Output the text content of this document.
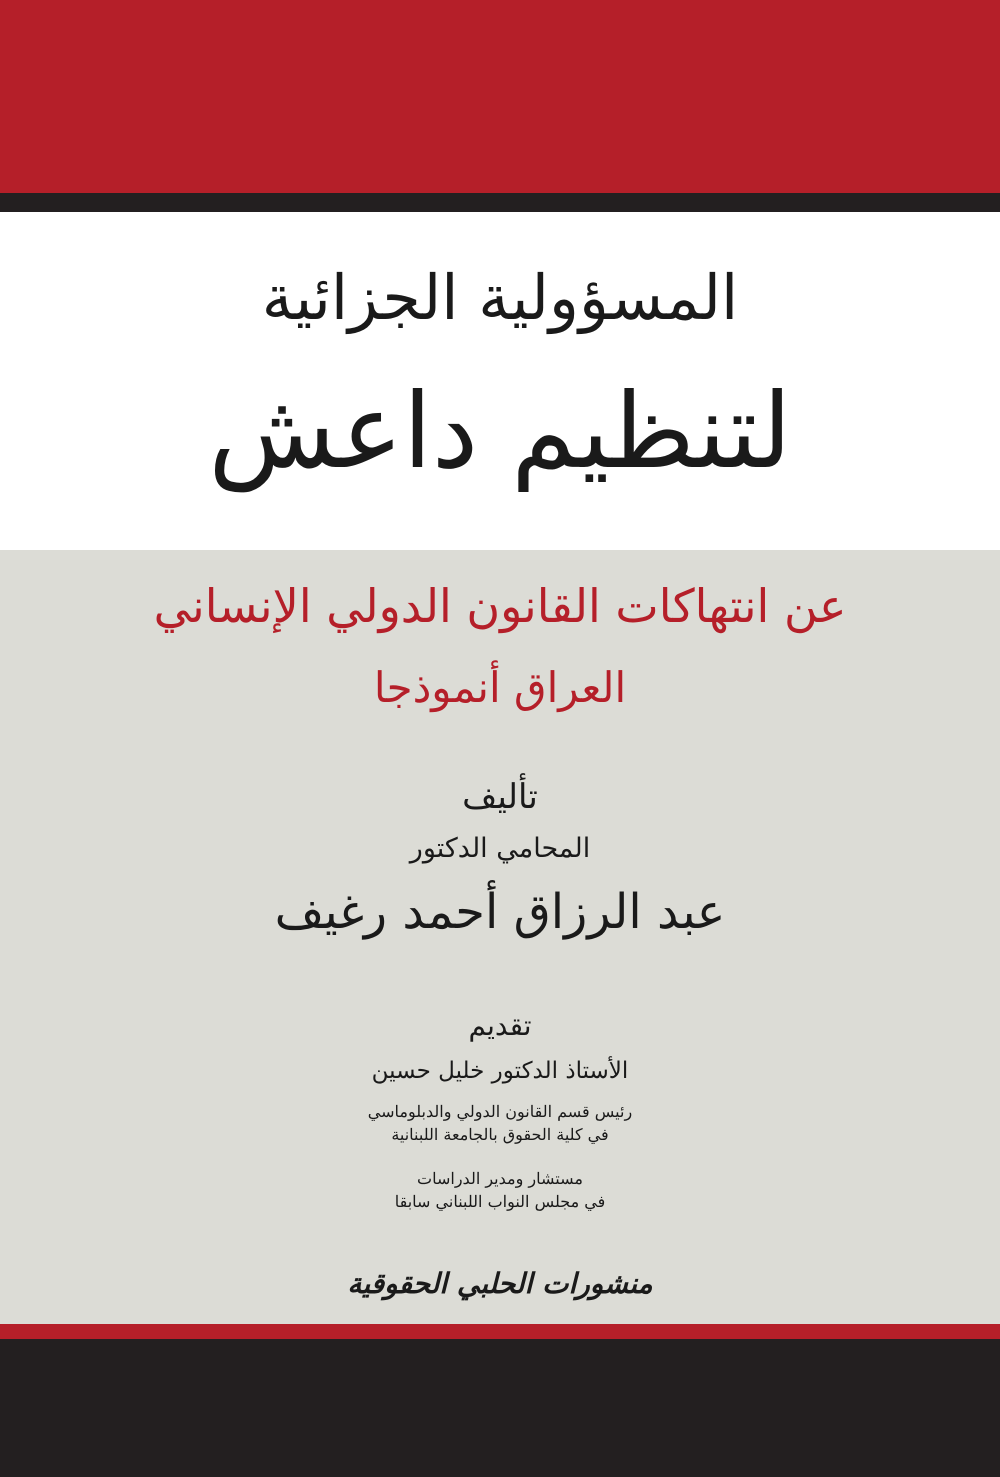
المسؤولية الجزائية
لتنظيم داعش
عن انتهاكات القانون الدولي الإنساني
العراق أنموذجا
تأليف
المحامي الدكتور
عبد الرزاق أحمد رغيف
تقديم
الأستاذ الدكتور خليل حسين
رئيس قسم القانون الدولي والدبلوماسي
في كلية الحقوق بالجامعة اللبنانية
مستشار ومدير الدراسات
في مجلس النواب اللبناني سابقا
منشورات الحلبي الحقوقية
